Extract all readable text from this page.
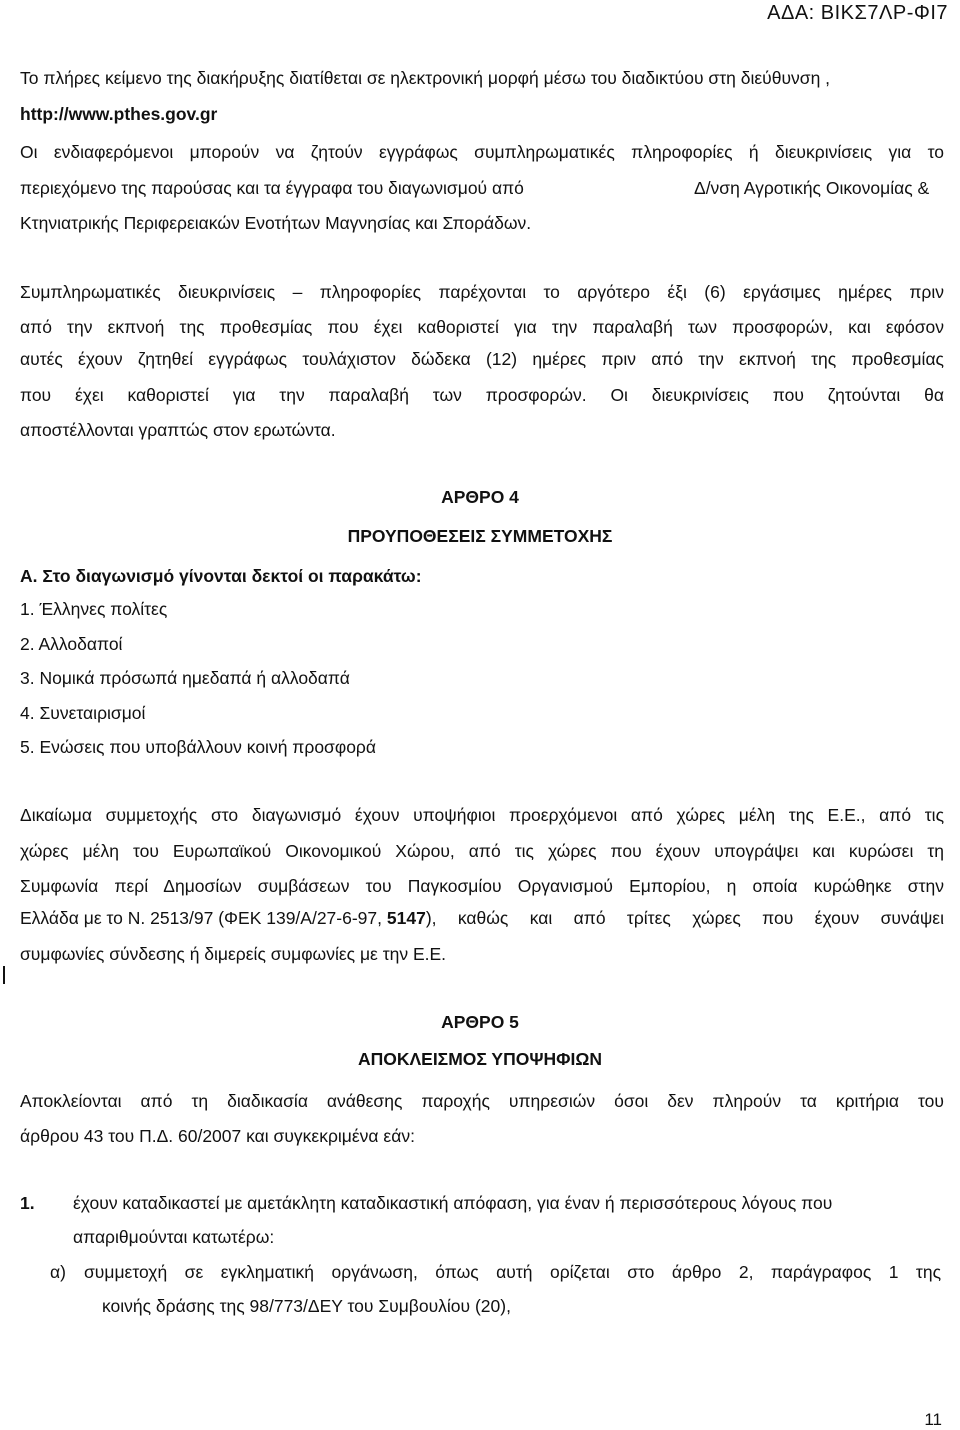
ΑΔΑ: ΒΙΚΣ7ΛΡ-ΦΙ7
Το πλήρες κείμενο της διακήρυξης διατίθεται σε ηλεκτρονική μορφή μέσω του διαδικτύου στη διεύθυνση ,
http://www.pthes.gov.gr
Οι ενδιαφερόμενοι μπορούν να ζητούν εγγράφως συμπληρωματικές πληροφορίες ή διευκρινίσεις για το
περιεχόμενο της παρούσας και τα έγγραφα του διαγωνισμού από	Δ/νση Αγροτικής Οικονομίας &
Κτηνιατρικής Περιφερειακών Ενοτήτων Μαγνησίας και Σποράδων.
Συμπληρωματικές διευκρινίσεις – πληροφορίες παρέχονται το αργότερο έξι (6) εργάσιμες ημέρες πριν
από την εκπνοή της προθεσμίας που έχει καθοριστεί για την παραλαβή των προσφορών, και εφόσον
αυτές έχουν ζητηθεί εγγράφως τουλάχιστον δώδεκα (12) ημέρες πριν από την εκπνοή της προθεσμίας
που έχει καθοριστεί για την παραλαβή των προσφορών. Οι διευκρινίσεις που ζητούνται θα
αποστέλλονται γραπτώς στον ερωτώντα.
ΑΡΘΡΟ 4
ΠΡΟΥΠΟΘΕΣΕΙΣ ΣΥΜΜΕΤΟΧΗΣ
Α. Στο διαγωνισμό γίνονται δεκτοί οι παρακάτω:
1. Έλληνες πολίτες
2. Αλλοδαποί
3. Νομικά πρόσωπά ημεδαπά ή αλλοδαπά
4. Συνεταιρισμοί
5. Ενώσεις που υποβάλλουν κοινή προσφορά
Δικαίωμα συμμετοχής στο διαγωνισμό έχουν υποψήφιοι προερχόμενοι από χώρες μέλη της Ε.Ε., από τις
χώρες μέλη του Ευρωπαϊκού Οικονομικού Χώρου, από τις χώρες που έχουν υπογράψει και κυρώσει τη
Συμφωνία περί Δημοσίων συμβάσεων του Παγκοσμίου Οργανισμού Εμπορίου, η οποία κυρώθηκε στην
Ελλάδα με το Ν. 2513/97 (ΦΕΚ 139/Α/27-6-97, 5147 ), καθώς και από τρίτες χώρες που έχουν συνάψει
συμφωνίες σύνδεσης ή διμερείς συμφωνίες με την Ε.Ε.
ΑΡΘΡΟ 5
ΑΠΟΚΛΕΙΣΜΟΣ ΥΠΟΨΗΦΙΩΝ
Αποκλείονται από τη διαδικασία ανάθεσης παροχής υπηρεσιών όσοι δεν πληρούν τα κριτήρια του
άρθρου 43 του Π.Δ. 60/2007 και συγκεκριμένα εάν:
1. έχουν καταδικαστεί με αμετάκλητη καταδικαστική απόφαση, για έναν ή περισσότερους λόγους που
απαριθμούνται κατωτέρω:
α) συμμετοχή σε εγκληματική οργάνωση, όπως αυτή ορίζεται στο άρθρο 2, παράγραφος 1 της
κοινής δράσης της 98/773/ΔΕΥ του Συμβουλίου (20),
11
